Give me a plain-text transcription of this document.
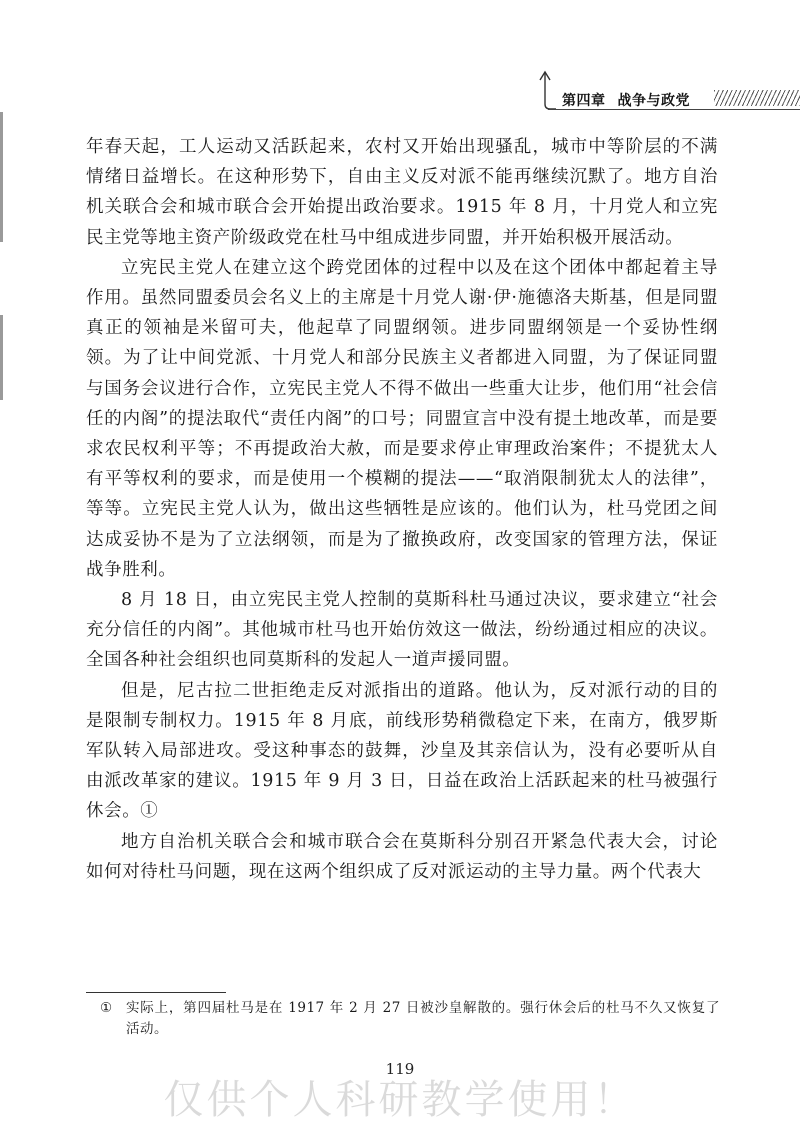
第四章 战争与政党

年春天起，工人运动又活跃起来，农村又开始出现骚乱，城市中等阶层的不满情绪日益增长。在这种形势下，自由主义反对派不能再继续沉默了。地方自治机关联合会和城市联合会开始提出政治要求。1915 年 8 月，十月党人和立宪民主党等地主资产阶级政党在杜马中组成进步同盟，并开始积极开展活动。

立宪民主党人在建立这个跨党团体的过程中以及在这个团体中都起着主导作用。虽然同盟委员会名义上的主席是十月党人谢·伊·施德洛夫斯基，但是同盟真正的领袖是米留可夫，他起草了同盟纲领。进步同盟纲领是一个妥协性纲领。为了让中间党派、十月党人和部分民族主义者都进入同盟，为了保证同盟与国务会议进行合作，立宪民主党人不得不做出一些重大让步，他们用“社会信任的内阁”的提法取代“责任内阁”的口号；同盟宣言中没有提土地改革，而是要求农民权利平等；不再提政治大赦，而是要求停止审理政治案件；不提犹太人有平等权利的要求，而是使用一个模糊的提法——“取消限制犹太人的法律”，等等。立宪民主党人认为，做出这些牺牲是应该的。他们认为，杜马党团之间达成妥协不是为了立法纲领，而是为了撤换政府，改变国家的管理方法，保证战争胜利。

8 月 18 日，由立宪民主党人控制的莫斯科杜马通过决议，要求建立“社会充分信任的内阁”。其他城市杜马也开始仿效这一做法，纷纷通过相应的决议。全国各种社会组织也同莫斯科的发起人一道声援同盟。

但是，尼古拉二世拒绝走反对派指出的道路。他认为，反对派行动的目的是限制专制权力。1915 年 8 月底，前线形势稍微稳定下来，在南方，俄罗斯军队转入局部进攻。受这种事态的鼓舞，沙皇及其亲信认为，没有必要听从自由派改革家的建议。1915 年 9 月 3 日，日益在政治上活跃起来的杜马被强行休会。①

地方自治机关联合会和城市联合会在莫斯科分别召开紧急代表大会，讨论如何对待杜马问题，现在这两个组织成了反对派运动的主导力量。两个代表大

① 实际上，第四届杜马是在 1917 年 2 月 27 日被沙皇解散的。强行休会后的杜马不久又恢复了活动。
119
仅供个人科研教学使用！
